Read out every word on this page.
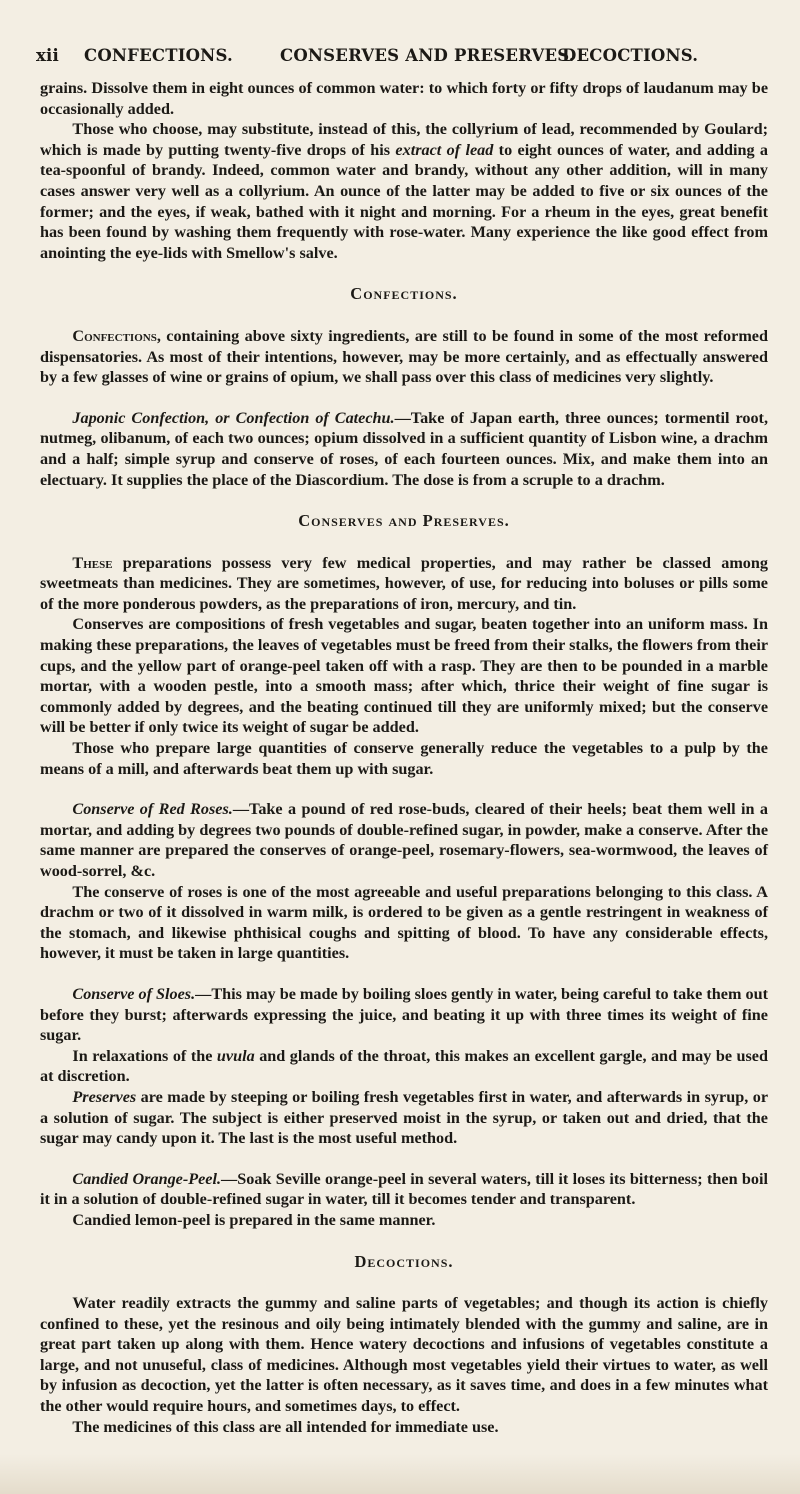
xii CONFECTIONS.	CONSERVES AND PRESERVES.
DECOCTIONS.

grains. Dissolve them in eight ounces of common water: to which forty or fifty drops of laudanum may be occasionally added.

Those who choose, may substitute, instead of this, the collyrium of lead, recommended by Goulard; which is made by putting twenty-five drops of his extract of lead to eight ounces of water, and adding a tea-spoonful of brandy. Indeed, common water and brandy, without any other addition, will in many cases answer very well as a collyrium. An ounce of the latter may be added to five or six ounces of the former; and the eyes, if weak, bathed with it night and morning. For a rheum in the eyes, great benefit has been found by washing them frequently with rose-water. Many experience the like good effect from anointing the eye-lids with Smellow's salve.

Confections.

Confections, containing above sixty ingredients, are still to be found in some of the most reformed dispensatories. As most of their intentions, however, may be more certainly, and as effectually answered by a few glasses of wine or grains of opium, we shall pass over this class of medicines very slightly.

Japonic Confection, or Confection of Catechu.—Take of Japan earth, three ounces; tormentil root, nutmeg, olibanum, of each two ounces; opium dissolved in a sufficient quantity of Lisbon wine, a drachm and a half; simple syrup and conserve of roses, of each fourteen ounces. Mix, and make them into an electuary. It supplies the place of the Diascordium. The dose is from a scruple to a drachm.

Conserves and Preserves.

These preparations possess very few medical properties, and may rather be classed among sweetmeats than medicines. They are sometimes, however, of use, for reducing into boluses or pills some of the more ponderous powders, as the preparations of iron, mercury, and tin.

Conserves are compositions of fresh vegetables and sugar, beaten together into an uniform mass. In making these preparations, the leaves of vegetables must be freed from their stalks, the flowers from their cups, and the yellow part of orange-peel taken off with a rasp. They are then to be pounded in a marble mortar, with a wooden pestle, into a smooth mass; after which, thrice their weight of fine sugar is commonly added by degrees, and the beating continued till they are uniformly mixed; but the conserve will be better if only twice its weight of sugar be added.

Those who prepare large quantities of conserve generally reduce the vegetables to a pulp by the means of a mill, and afterwards beat them up with sugar.

Conserve of Red Roses.—Take a pound of red rose-buds, cleared of their heels; beat them well in a mortar, and adding by degrees two pounds of double-refined sugar, in powder, make a conserve. After the same manner are prepared the conserves of orange-peel, rosemary-flowers, sea-wormwood, the leaves of wood-sorrel, &c.

The conserve of roses is one of the most agreeable and useful preparations belonging to this class. A drachm or two of it dissolved in warm milk, is ordered to be given as a gentle restringent in weakness of the stomach, and likewise phthisical coughs and spitting of blood. To have any considerable effects, however, it must be taken in large quantities.

Conserve of Sloes.—This may be made by boiling sloes gently in water, being careful to take them out before they burst; afterwards expressing the juice, and beating it up with three times its weight of fine sugar.

In relaxations of the uvula and glands of the throat, this makes an excellent gargle, and may be used at discretion.

Preserves are made by steeping or boiling fresh vegetables first in water, and afterwards in syrup, or a solution of sugar. The subject is either preserved moist in the syrup, or taken out and dried, that the sugar may candy upon it. The last is the most useful method.

Candied Orange-Peel.—Soak Seville orange-peel in several waters, till it loses its bitterness; then boil it in a solution of double-refined sugar in water, till it becomes tender and transparent.

Candied lemon-peel is prepared in the same manner.

Decoctions.

Water readily extracts the gummy and saline parts of vegetables; and though its action is chiefly confined to these, yet the resinous and oily being intimately blended with the gummy and saline, are in great part taken up along with them. Hence watery decoctions and infusions of vegetables constitute a large, and not unuseful, class of medicines. Although most vegetables yield their virtues to water, as well by infusion as decoction, yet the latter is often necessary, as it saves time, and does in a few minutes what the other would require hours, and sometimes days, to effect.

The medicines of this class are all intended for immediate use.
